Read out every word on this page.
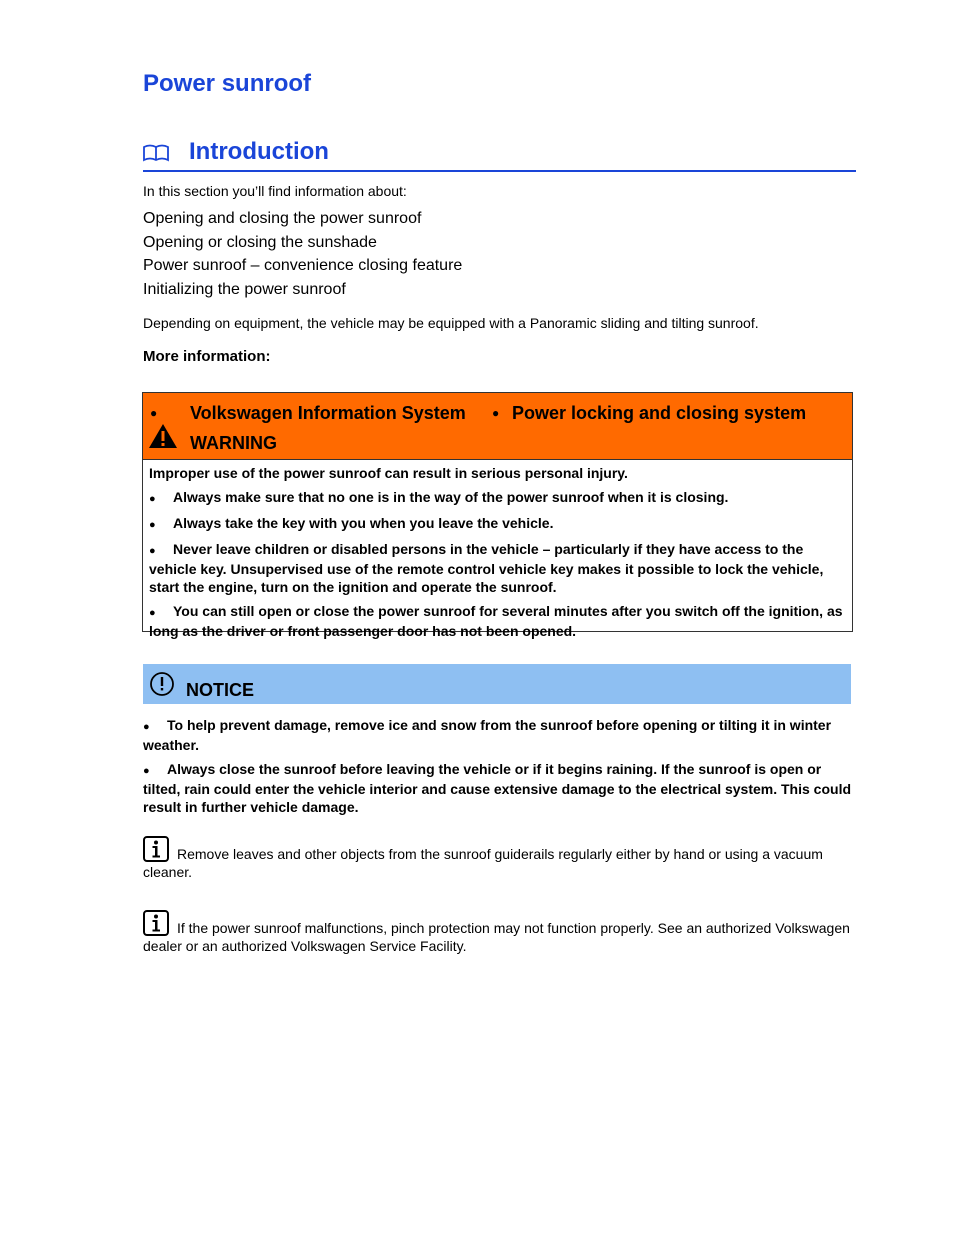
Power sunroof
Introduction
In this section you’ll find information about:
Opening and closing the power sunroof
Opening or closing the sunshade
Power sunroof – convenience closing feature
Initializing the power sunroof
Depending on equipment, the vehicle may be equipped with a Panoramic sliding and tilting sunroof.
More information:
● Volkswagen Information System ● Power locking and closing system
WARNING

Improper use of the power sunroof can result in serious personal injury.

● Always make sure that no one is in the way of the power sunroof when it is closing.

● Always take the key with you when you leave the vehicle.

● Never leave children or disabled persons in the vehicle – particularly if they have access to the vehicle key. Unsupervised use of the remote control vehicle key makes it possible to lock the vehicle, start the engine, turn on the ignition and operate the sunroof.

● You can still open or close the power sunroof for several minutes after you switch off the ignition, as long as the driver or front passenger door has not been opened.

NOTICE

● To help prevent damage, remove ice and snow from the sunroof before opening or tilting it in winter weather.

● Always close the sunroof before leaving the vehicle or if it begins raining. If the sunroof is open or tilted, rain could enter the vehicle interior and cause extensive damage to the electrical system. This could result in further vehicle damage.

Remove leaves and other objects from the sunroof guiderails regularly either by hand or using a vacuum cleaner.
If the power sunroof malfunctions, pinch protection may not function properly. See an authorized Volkswagen dealer or an authorized Volkswagen Service Facility.
